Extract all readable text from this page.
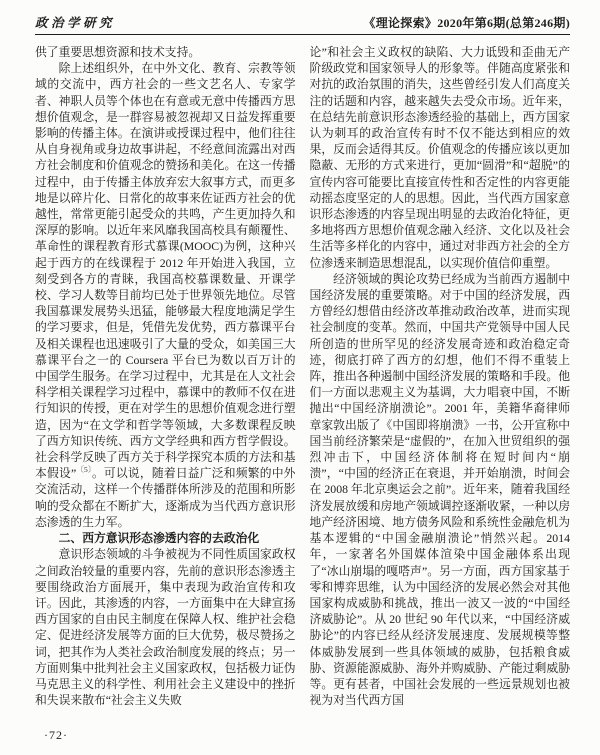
政治学研究	《理论探索》2020年第6期(总第246期)

供了重要思想资源和技术支持。

除上述组织外，在中外文化、教育、宗教等领域的交流中，西方社会的一些文艺名人、专家学者、神职人员等个体也在有意或无意中传播西方思想价值观念，是一群容易被忽视却又日益发挥重要影响的传播主体。在演讲或授课过程中，他们往往从自身视角或身边故事讲起，不经意间流露出对西方社会制度和价值观念的赞扬和美化。在这一传播过程中，由于传播主体放弃宏大叙事方式，而更多地是以碎片化、日常化的故事来佐证西方社会的优越性，常常更能引起受众的共鸣，产生更加持久和深厚的影响。以近年来风靡我国高校具有颠覆性、革命性的课程教育形式慕课(MOOC)为例，这种兴起于西方的在线课程于 2012 年开始进入我国，立刻受到各方的青睐，我国高校慕课数量、开课学校、学习人数等目前均已处于世界领先地位。尽管我国慕课发展势头迅猛，能够最大程度地满足学生的学习要求，但是，凭借先发优势，西方慕课平台及相关课程也迅速吸引了大量的受众，如美国三大慕课平台之一的 Coursera 平台已为数以百万计的中国学生服务。在学习过程中，尤其是在人文社会科学相关课程学习过程中，慕课中的教师不仅在进行知识的传授，更在对学生的思想价值观念进行塑造，因为“在文学和哲学等领域，大多数课程反映了西方知识传统、西方文学经典和西方哲学假设。社会科学反映了西方关于科学探究本质的方法和基本假设”$^{〔5〕}$。可以说，随着日益广泛和频繁的中外交流活动，这样一个传播群体所涉及的范围和所影响的受众都在不断扩大，逐渐成为当代西方意识形态渗透的生力军。

二、西方意识形态渗透内容的去政治化

意识形态领域的斗争被视为不同性质国家政权之间政治较量的重要内容，先前的意识形态渗透主要围绕政治方面展开，集中表现为政治宣传和攻讦。因此，其渗透的内容，一方面集中在大肆宣扬西方国家的自由民主制度在保障人权、维护社会稳定、促进经济发展等方面的巨大优势，极尽赞扬之词，把其作为人类社会政治制度发展的终点；另一方面则集中批判社会主义国家政权，包括极力证伪马克思主义的科学性、利用社会主义建设中的挫折和失误来散布“社会主义失败

论”和社会主义政权的缺陷、大力诋毁和歪曲无产阶级政党和国家领导人的形象等。伴随高度紧张和对抗的政治氛围的消失，这些曾经引发人们高度关注的话题和内容，越来越失去受众市场。近年来，在总结先前意识形态渗透经验的基础上，西方国家认为刺耳的政治宣传有时不仅不能达到相应的效果，反而会适得其反。价值观念的传播应该以更加隐蔽、无形的方式来进行，更加“圆滑”和“超脱”的宣传内容可能要比直接宣传性和否定性的内容更能动摇态度坚定的人的思想。因此，当代西方国家意识形态渗透的内容呈现出明显的去政治化特征，更多地将西方思想价值观念融入经济、文化以及社会生活等多样化的内容中，通过对非西方社会的全方位渗透来制造思想混乱，以实现价值信仰重塑。

经济领域的舆论攻势已经成为当前西方遏制中国经济发展的重要策略。对于中国的经济发展，西方曾经幻想借由经济改革推动政治改革，进而实现社会制度的变革。然而，中国共产党领导中国人民所创造的世所罕见的经济发展奇迹和政治稳定奇迹，彻底打碎了西方的幻想，他们不得不重装上阵，推出各种遏制中国经济发展的策略和手段。他们一方面以悲观主义为基调，大力唱衰中国，不断抛出“中国经济崩溃论”。2001 年，美籍华裔律师章家敦出版了《中国即将崩溃》一书，公开宣称中国当前经济繁荣是“虚假的”，在加入世贸组织的强烈冲击下，中国经济体制将在短时间内“崩溃”，“中国的经济正在衰退，并开始崩溃，时间会在 2008 年北京奥运会之前”。近年来，随着我国经济发展放缓和房地产领域调控逐渐收紧，一种以房地产经济困境、地方债务风险和系统性金融危机为基本逻辑的“中国金融崩溃论”悄然兴起。2014 年，一家著名外国媒体渲染中国金融体系出现了“冰山崩塌的嘎嗒声”。另一方面，西方国家基于零和博弈思维，认为中国经济的发展必然会对其他国家构成威胁和挑战，推出一波又一波的“中国经济威胁论”。从 20 世纪 90 年代以来，“中国经济威胁论”的内容已经从经济发展速度、发展规模等整体威胁发展到一些具体领域的威胁，包括粮食威胁、资源能源威胁、海外并购威胁、产能过剩威胁等。更有甚者，中国社会发展的一些远景规划也被视为对当代西方国

·72·
